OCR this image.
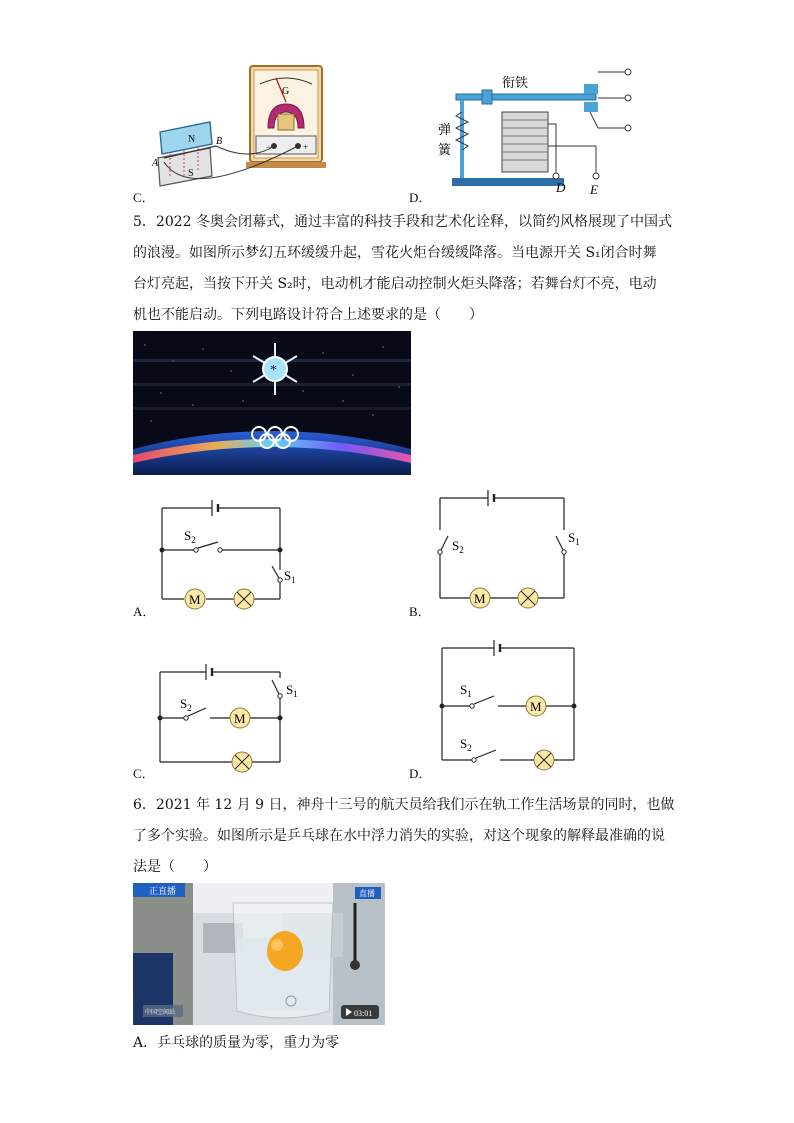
C．
G
−	+
N
S
A
B
D．
衔铁
弹
簧
D E
5．2022 冬奥会闭幕式，通过丰富的科技手段和艺术化诠释，以简约风格展现了中国式
的浪漫。如图所示梦幻五环缓缓升起，雪花火炬台缓缓降落。当电源开关 S₁闭合时舞
台灯亮起，当按下开关 S₂时，电动机才能启动控制火炬头降落；若舞台灯不亮，电动
机也不能启动。下列电路设计符合上述要求的是（　　）
*
A．
M
$S_2$
$S_1$
B．
M
$S_2$
$S_1$
C．
M
$S_2$
$S_1$
D．
M
$S_1$
$S_2$
6．2021 年 12 月 9 日，神舟十三号的航天员给我们示在轨工作生活场景的同时，也做
了多个实验。如图所示是乒乓球在水中浮力消失的实验，对这个现象的解释最准确的说
法是（　　）
正直播	直播
中国空间站	03:01
A．乒乓球的质量为零，重力为零
